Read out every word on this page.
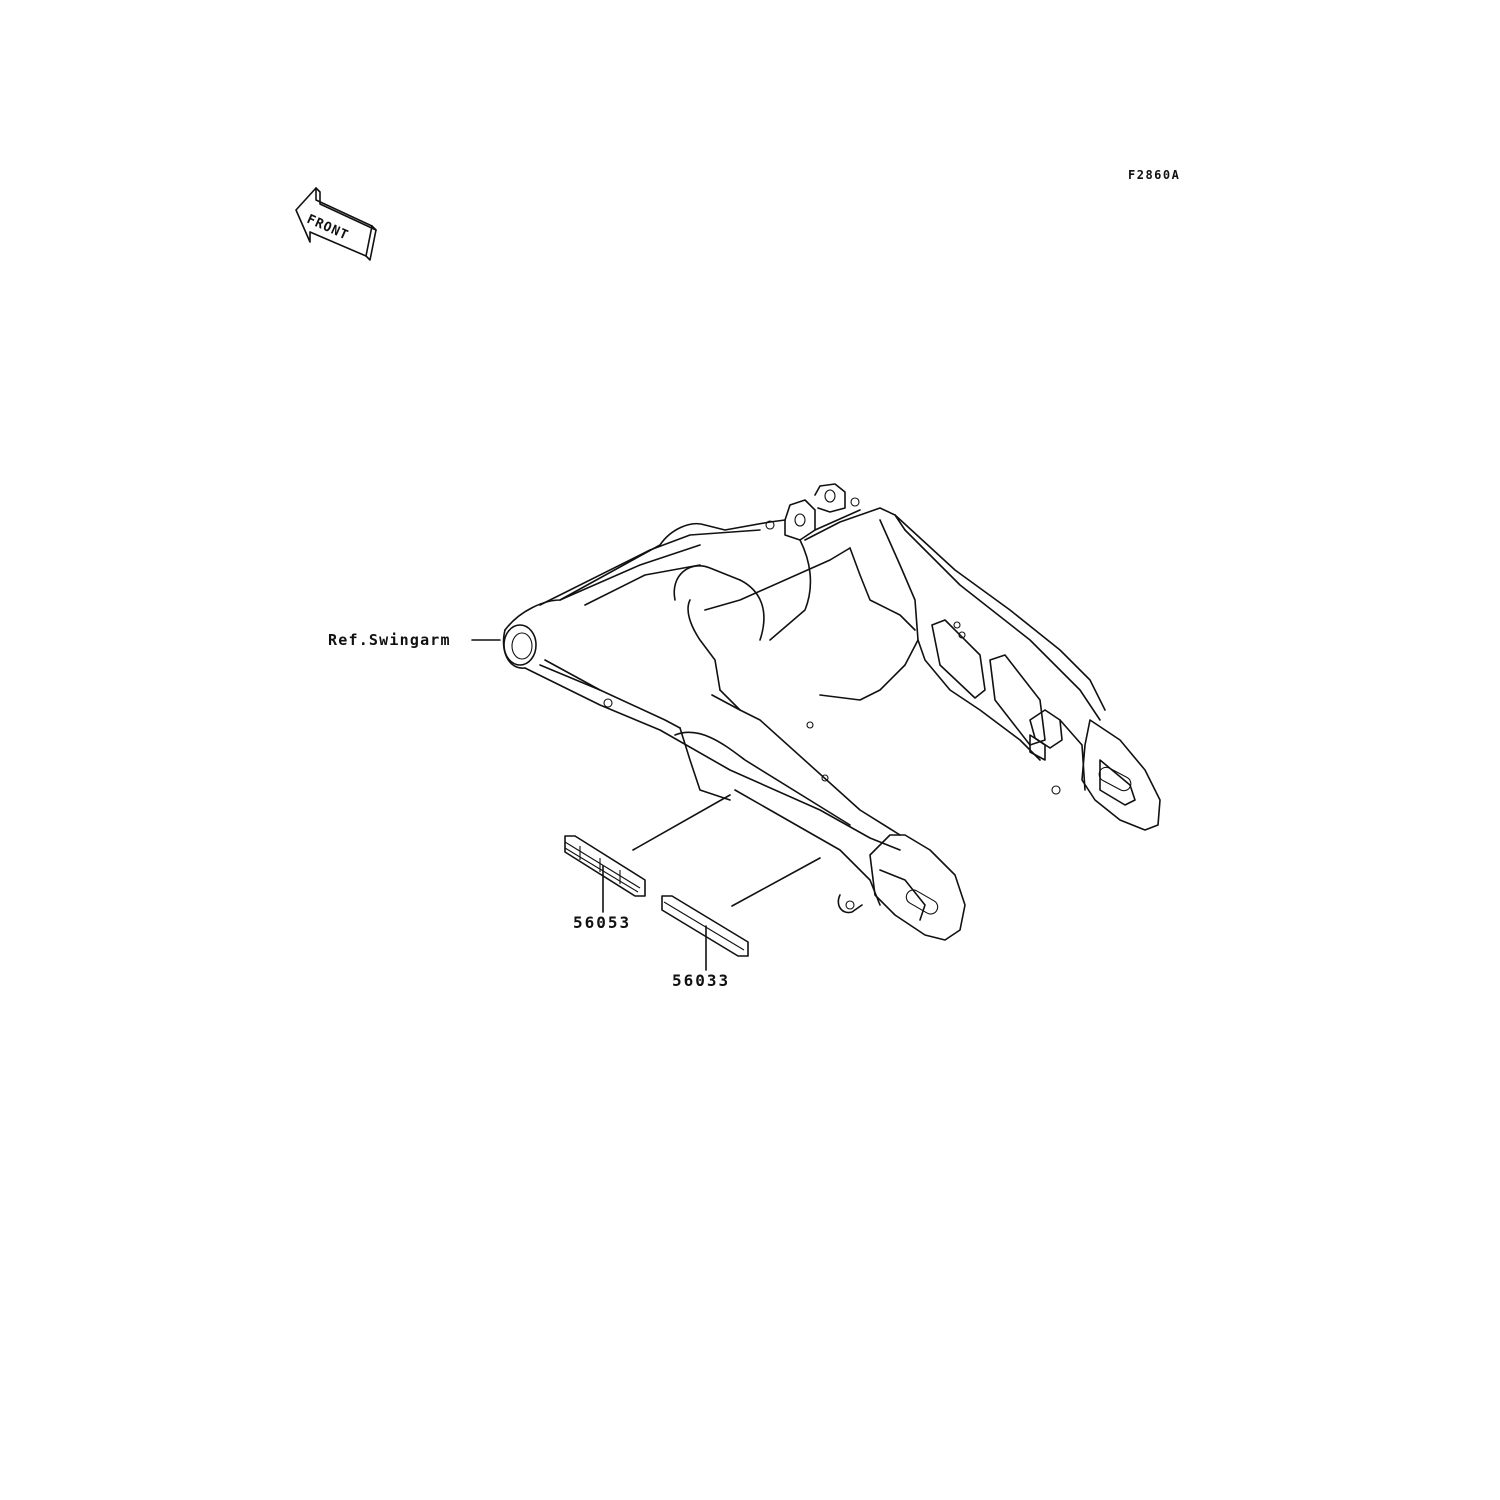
F2860A
Ref.Swingarm
56053
56033
FRONT
